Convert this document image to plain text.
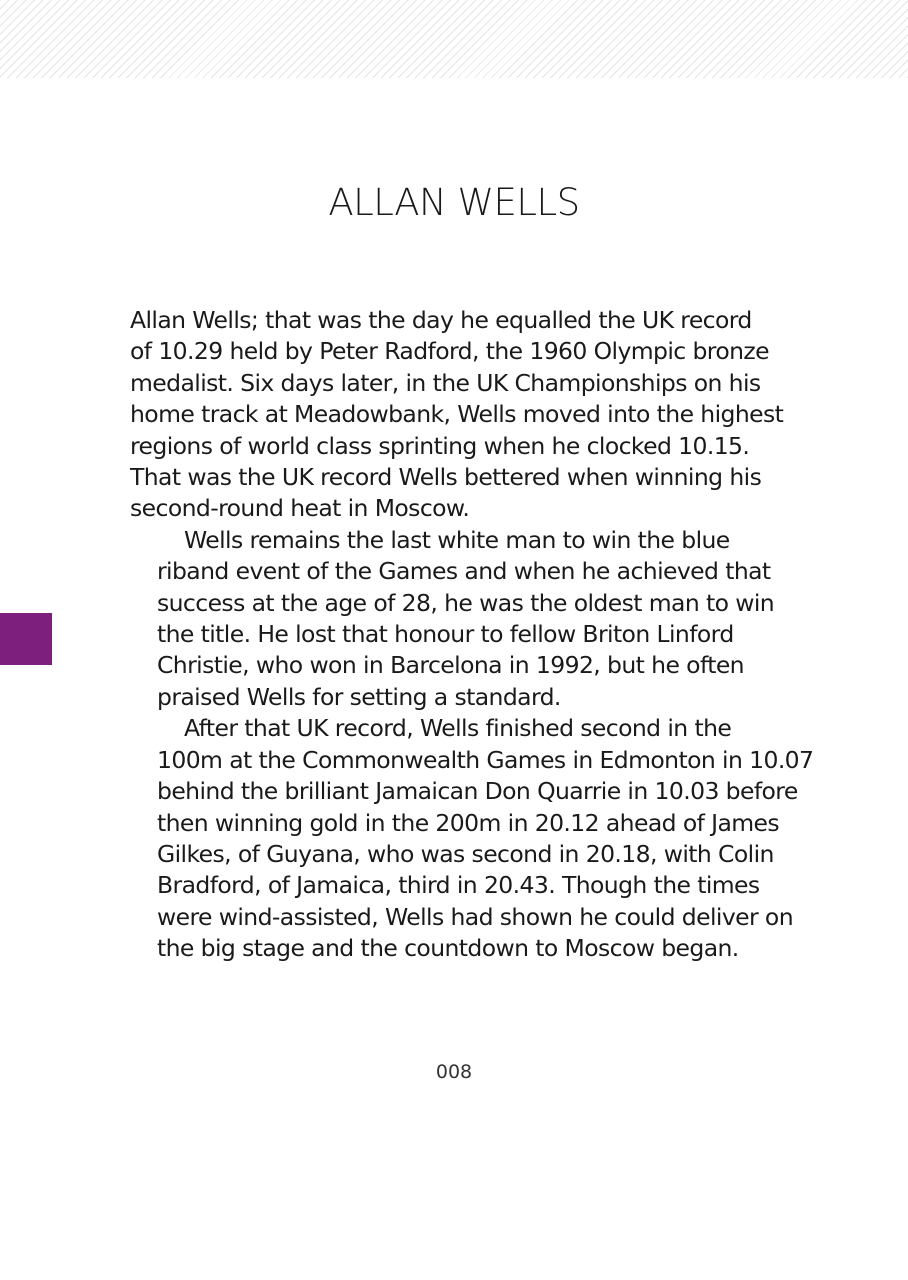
ALLAN WELLS

Allan Wells; that was the day he equalled the UK record
of 10.29 held by Peter Radford, the 1960 Olympic bronze
medalist. Six days later, in the UK Championships on his
home track at Meadowbank, Wells moved into the highest
regions of world class sprinting when he clocked 10.15.
That was the UK record Wells bettered when winning his
second-round heat in Moscow.

Wells remains the last white man to win the blue
riband event of the Games and when he achieved that
success at the age of 28, he was the oldest man to win
the title. He lost that honour to fellow Briton Linford
Christie, who won in Barcelona in 1992, but he often
praised Wells for setting a standard.

After that UK record, Wells finished second in the
100m at the Commonwealth Games in Edmonton in 10.07
behind the brilliant Jamaican Don Quarrie in 10.03 before
then winning gold in the 200m in 20.12 ahead of James
Gilkes, of Guyana, who was second in 20.18, with Colin
Bradford, of Jamaica, third in 20.43. Though the times
were wind-assisted, Wells had shown he could deliver on
the big stage and the countdown to Moscow began.

008
